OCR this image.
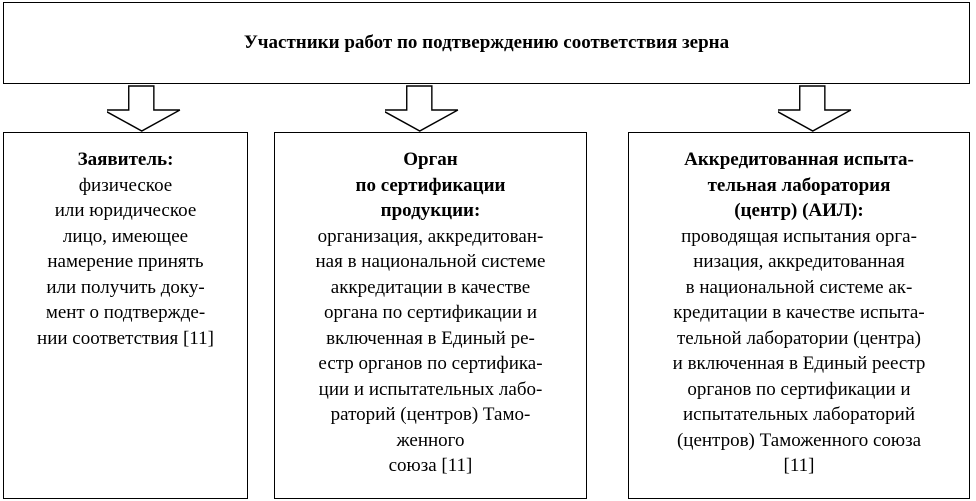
Участники работ по подтверждению соответствия зерна
Заявитель:
физическое
или юридическое
лицо, имеющее
намерение принять
или получить доку-
мент о подтвержде-
нии соответствия [11]
Орган
по сертификации
продукции:
организация, аккредитован-
ная в национальной системе
аккредитации в качестве
органа по сертификации и
включенная в Единый ре-
естр органов по сертифика-
ции и испытательных лабо-
раторий (центров) Тамо-
женного
союза [11]
Аккредитованная испыта-
тельная лаборатория
(центр) (АИЛ):
проводящая испытания орга-
низация, аккредитованная
в национальной системе ак-
кредитации в качестве испыта-
тельной лаборатории (центра)
и включенная в Единый реестр
органов по сертификации и
испытательных лабораторий
(центров) Таможенного союза
[11]
